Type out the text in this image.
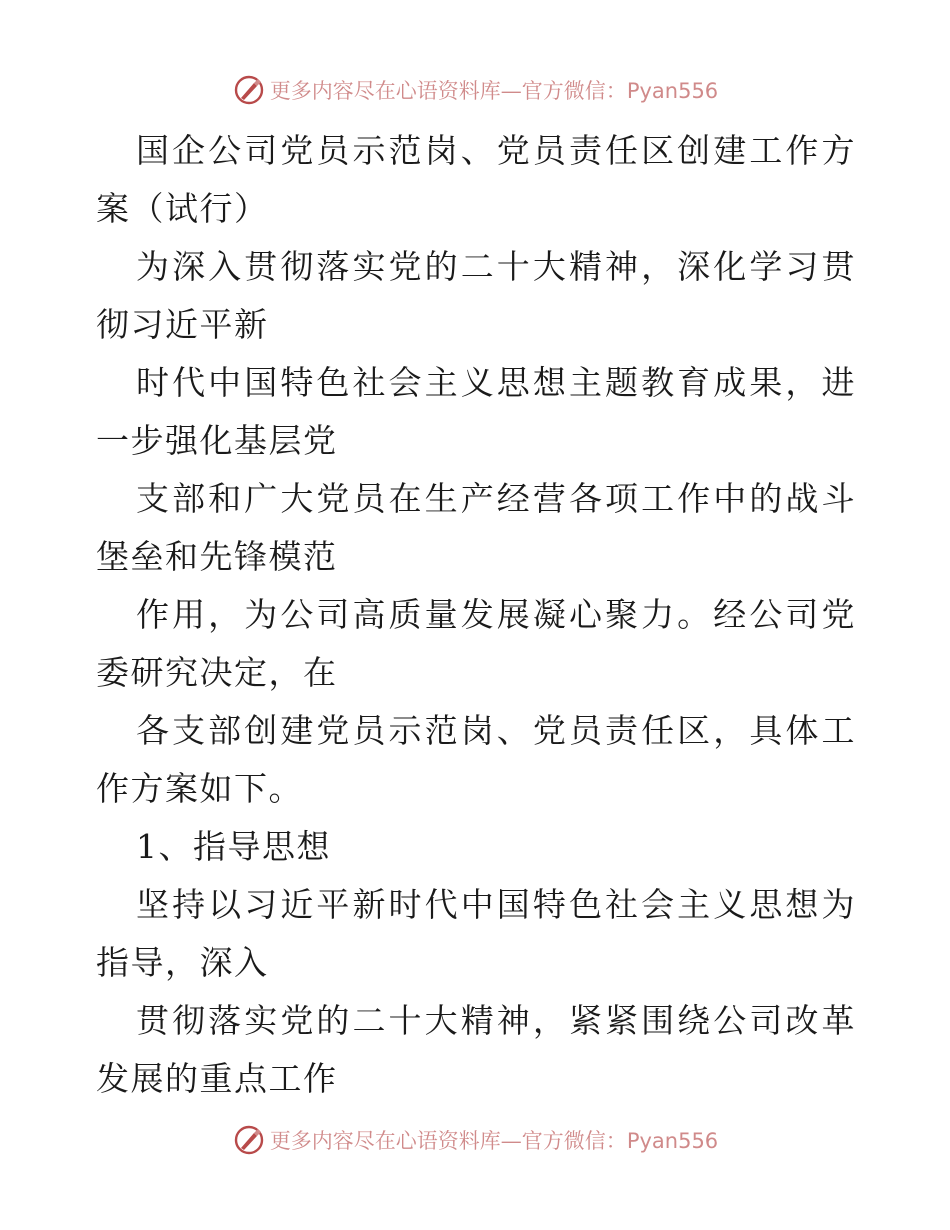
更多内容尽在心语资料库—官方微信：Pyan556

国企公司党员示范岗、党员责任区创建工作方案（试行）

为深入贯彻落实党的二十大精神，深化学习贯彻习近平新

时代中国特色社会主义思想主题教育成果，进一步强化基层党

支部和广大党员在生产经营各项工作中的战斗堡垒和先锋模范

作用，为公司高质量发展凝心聚力。经公司党委研究决定，在

各支部创建党员示范岗、党员责任区，具体工作方案如下。

1、指导思想

坚持以习近平新时代中国特色社会主义思想为指导，深入

贯彻落实党的二十大精神，紧紧围绕公司改革发展的重点工作

更多内容尽在心语资料库—官方微信：Pyan556
